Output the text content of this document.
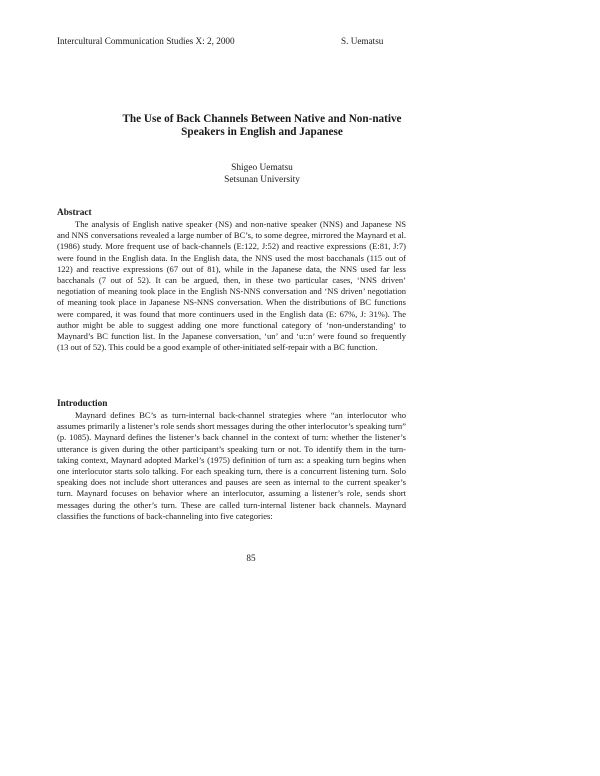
Intercultural Communication Studies X: 2, 2000	S. Uematsu
The Use of Back Channels Between Native and Non-native
Speakers in English and Japanese
Shigeo Uematsu
Setsunan University
Abstract

The analysis of English native speaker (NS) and non-native speaker (NNS) and Japanese NS and NNS conversations revealed a large number of BC’s, to some degree, mirrored the Maynard et al. (1986) study. More frequent use of back-channels (E:122, J:52) and reactive expressions (E:81, J:7) were found in the English data. In the English data, the NNS used the most bacchanals (115 out of 122) and reactive expressions (67 out of 81), while in the Japanese data, the NNS used far less bacchanals (7 out of 52). It can be argued, then, in these two particular cases, ‘NNS driven’ negotiation of meaning took place in the English NS-NNS conversation and ‘NS driven’ negotiation of meaning took place in Japanese NS-NNS conversation. When the distributions of BC functions were compared, it was found that more continuers used in the English data (E: 67%, J: 31%). The author might be able to suggest adding one more functional category of ‘non-understanding’ to Maynard’s BC function list. In the Japanese conversation, ‘un’ and ‘u::n’ were found so frequently (13 out of 52). This could be a good example of other-initiated self-repair with a BC function.

Introduction

Maynard defines BC’s as turn-internal back-channel strategies where “an interlocutor who assumes primarily a listener’s role sends short messages during the other interlocutor’s speaking turn” (p. 1085). Maynard defines the listener’s back channel in the context of turn: whether the listener’s utterance is given during the other participant’s speaking turn or not. To identify them in the turn-taking context, Maynard adopted Markel’s (1975) definition of turn as: a speaking turn begins when one interlocutor starts solo talking. For each speaking turn, there is a concurrent listening turn. Solo speaking does not include short utterances and pauses are seen as internal to the current speaker’s turn. Maynard focuses on behavior where an interlocutor, assuming a listener’s role, sends short messages during the other’s turn. These are called turn-internal listener back channels. Maynard classifies the functions of back-channeling into five categories:

85
